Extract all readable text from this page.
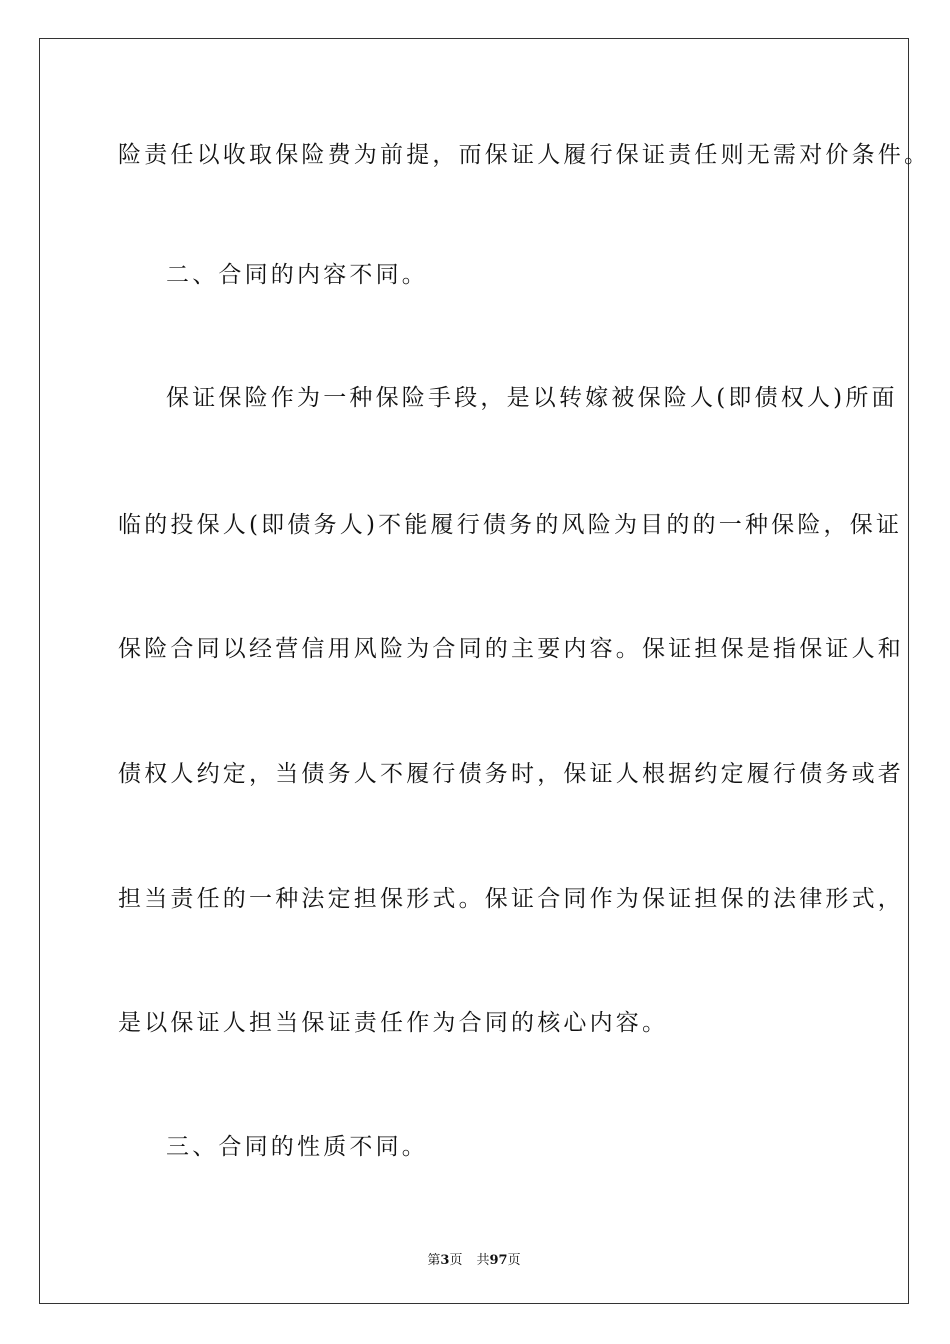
险责任以收取保险费为前提，而保证人履行保证责任则无需对价条件。
二、合同的内容不同。
保证保险作为一种保险手段，是以转嫁被保险人(即债权人)所面
临的投保人(即债务人)不能履行债务的风险为目的的一种保险，保证
保险合同以经营信用风险为合同的主要内容。保证担保是指保证人和
债权人约定，当债务人不履行债务时，保证人根据约定履行债务或者
担当责任的一种法定担保形式。保证合同作为保证担保的法律形式，
是以保证人担当保证责任作为合同的核心内容。
三、合同的性质不同。
第3页 共97页
